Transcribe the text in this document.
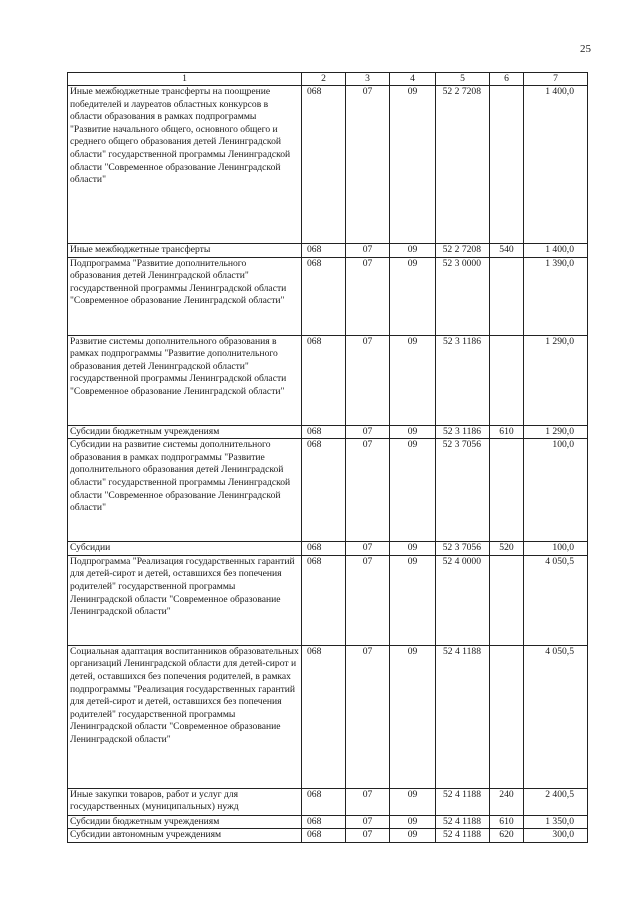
25
1	2	3	4	5	6	7
Иные межбюджетные трансферты на поощрение победителей и лауреатов областных конкурсов в области образования в рамках подпрограммы "Развитие начального общего, основного общего и среднего общего образования детей Ленинградской области" государственной программы Ленинградской области "Современное образование Ленинградской области"	068	07	09	52 2 7208		1 400,0
Иные межбюджетные трансферты	068	07	09	52 2 7208	540	1 400,0
Подпрограмма "Развитие дополнительного образования детей Ленинградской области" государственной программы Ленинградской области "Современное образование Ленинградской области"	068	07	09	52 3 0000		1 390,0
Развитие системы дополнительного образования в рамках подпрограммы "Развитие дополнительного образования детей Ленинградской области" государственной программы Ленинградской области "Современное образование Ленинградской области"	068	07	09	52 3 1186		1 290,0
Субсидии бюджетным учреждениям	068	07	09	52 3 1186	610	1 290,0
Субсидии на развитие системы дополнительного образования в рамках подпрограммы "Развитие дополнительного образования детей Ленинградской области" государственной программы Ленинградской области "Современное образование Ленинградской области"	068	07	09	52 3 7056		100,0
Субсидии	068	07	09	52 3 7056	520	100,0
Подпрограмма "Реализация государственных гарантий для детей-сирот и детей, оставшихся без попечения родителей" государственной программы Ленинградской области "Современное образование Ленинградской области"	068	07	09	52 4 0000		4 050,5
Социальная адаптация воспитанников образовательных организаций Ленинградской области для детей-сирот и детей, оставшихся без попечения родителей, в рамках подпрограммы "Реализация государственных гарантий для детей-сирот и детей, оставшихся без попечения родителей" государственной программы Ленинградской области "Современное образование Ленинградской области"	068	07	09	52 4 1188		4 050,5
Иные закупки товаров, работ и услуг для государственных (муниципальных) нужд	068	07	09	52 4 1188	240	2 400,5
Субсидии бюджетным учреждениям	068	07	09	52 4 1188	610	1 350,0
Субсидии автономным учреждениям	068	07	09	52 4 1188	620	300,0
